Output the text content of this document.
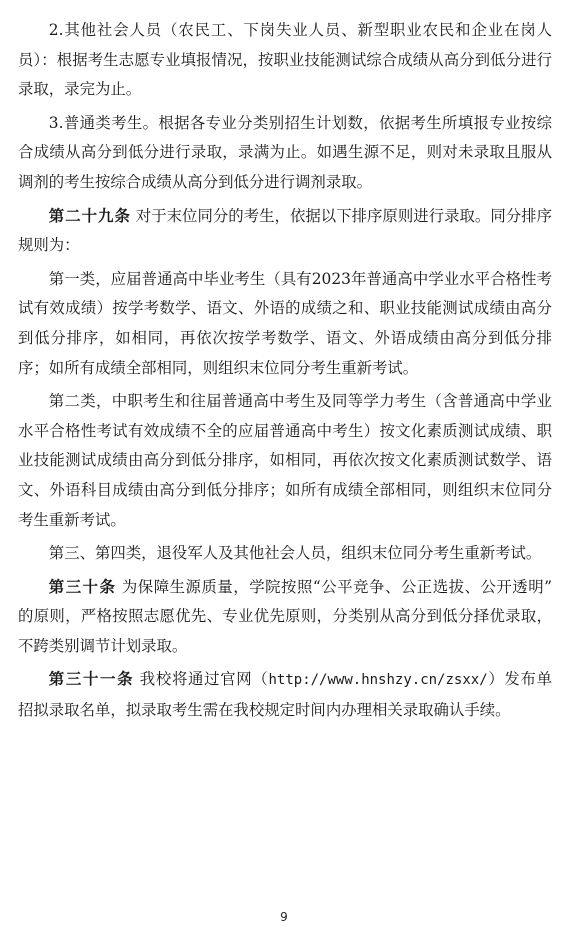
2.其他社会人员（农民工、下岗失业人员、新型职业农民和企业在岗人员）：根据考生志愿专业填报情况，按职业技能测试综合成绩从高分到低分进行录取，录完为止。

3.普通类考生。根据各专业分类别招生计划数，依据考生所填报专业按综合成绩从高分到低分进行录取，录满为止。如遇生源不足，则对未录取且服从调剂的考生按综合成绩从高分到低分进行调剂录取。

第二十九条 对于末位同分的考生，依据以下排序原则进行录取。同分排序规则为：

第一类，应届普通高中毕业考生（具有2023年普通高中学业水平合格性考试有效成绩）按学考数学、语文、外语的成绩之和、职业技能测试成绩由高分到低分排序，如相同，再依次按学考数学、语文、外语成绩由高分到低分排序；如所有成绩全部相同，则组织末位同分考生重新考试。

第二类，中职考生和往届普通高中考生及同等学力考生（含普通高中学业水平合格性考试有效成绩不全的应届普通高中考生）按文化素质测试成绩、职业技能测试成绩由高分到低分排序，如相同，再依次按文化素质测试数学、语文、外语科目成绩由高分到低分排序；如所有成绩全部相同，则组织末位同分考生重新考试。

第三、第四类，退役军人及其他社会人员，组织末位同分考生重新考试。

第三十条 为保障生源质量，学院按照“公平竞争、公正选拔、公开透明” 的原则，严格按照志愿优先、专业优先原则，分类别从高分到低分择优录取，不跨类别调节计划录取。

第三十一条 我校将通过官网（http://www.hnshzy.cn/zsxx/）发布单招拟录取名单，拟录取考生需在我校规定时间内办理相关录取确认手续。

9
